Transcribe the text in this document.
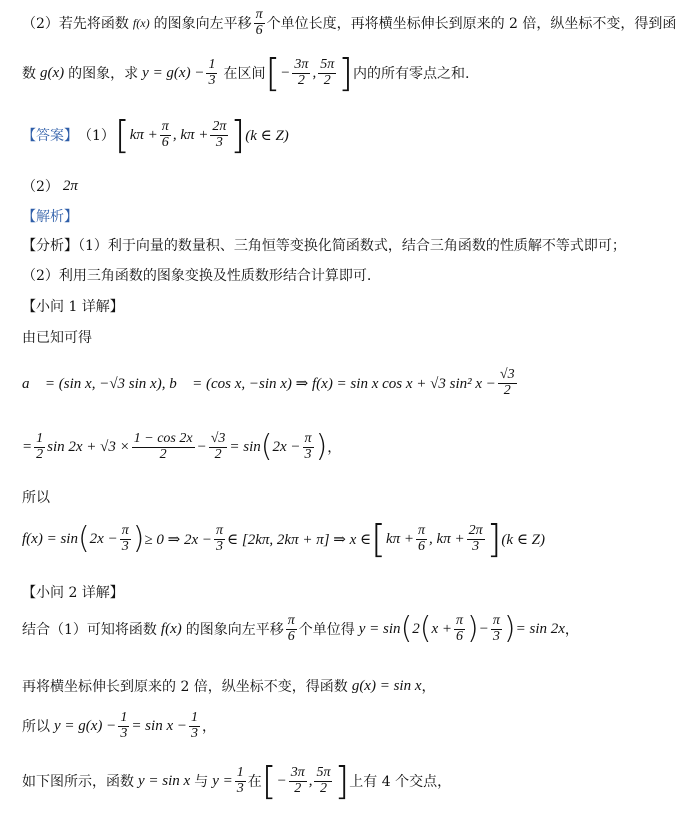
（2）若先将函数 f(x) 的图象向左平移 $\frac{\pi}{6}$ 个单位长度，再将横坐标伸长到原来的 2 倍，纵坐标不变，得到函
数 g(x) 的图象，求 $y = g(x) - \frac{1}{3}$ 在区间 [ − $\frac{3\pi}{2}$ , $\frac{5\pi}{2}$ ] 内的所有零点之和.
【答案】 （1） [ $k\pi + \frac{\pi}{6}$ , $k\pi + \frac{2\pi}{3}$ ] (k ∈ Z)
（2） 2π
【解析】
【分析】（1）利于向量的数量积、三角恒等变换化简函数式，结合三角函数的性质解不等式即可；
（2）利用三角函数的图象变换及性质数形结合计算即可.
【小问 1 详解】
由已知可得
a⃗ = (sin x, −√3 sin x), b⃗ = (cos x, −sin x) ⇒ f(x) = sin x cos x + √3 sin² $x - \frac{√3}{2}$
= $\frac{1}{2}$ $\sin 2x + √3 \times \frac{1 - \cos 2x}{2} - \frac{√3}{2} = \sin$ ( $2x - \frac{\pi}{3}$ ) ，
所以
f(x) = sin ( $2x - \frac{\pi}{3}$ ) ≥ 0 ⇒ $2x - \frac{\pi}{3}$ ∈ [2kπ, 2kπ + π] ⇒ x ∈ [ $k\pi + \frac{\pi}{6}$ , $k\pi + \frac{2\pi}{3}$ ] (k ∈ Z)
【小问 2 详解】
结合（1）可知将函数 f(x) 的图象向左平移 $\frac{\pi}{6}$ 个单位得 y = sin ( 2 ( $x + \frac{\pi}{6}$ ) − $\frac{\pi}{3}$ ) = sin 2x ，
再将横坐标伸长到原来的 2 倍，纵坐标不变，得函数 g(x) = sin x ，
所以 $y = g(x) - \frac{1}{3} = \sin x - \frac{1}{3}$ ，
如下图所示，函数 y = sin x 与 $y = \frac{1}{3}$ 在 [ − $\frac{3\pi}{2}$ , $\frac{5\pi}{2}$ ] 上有 4 个交点，
